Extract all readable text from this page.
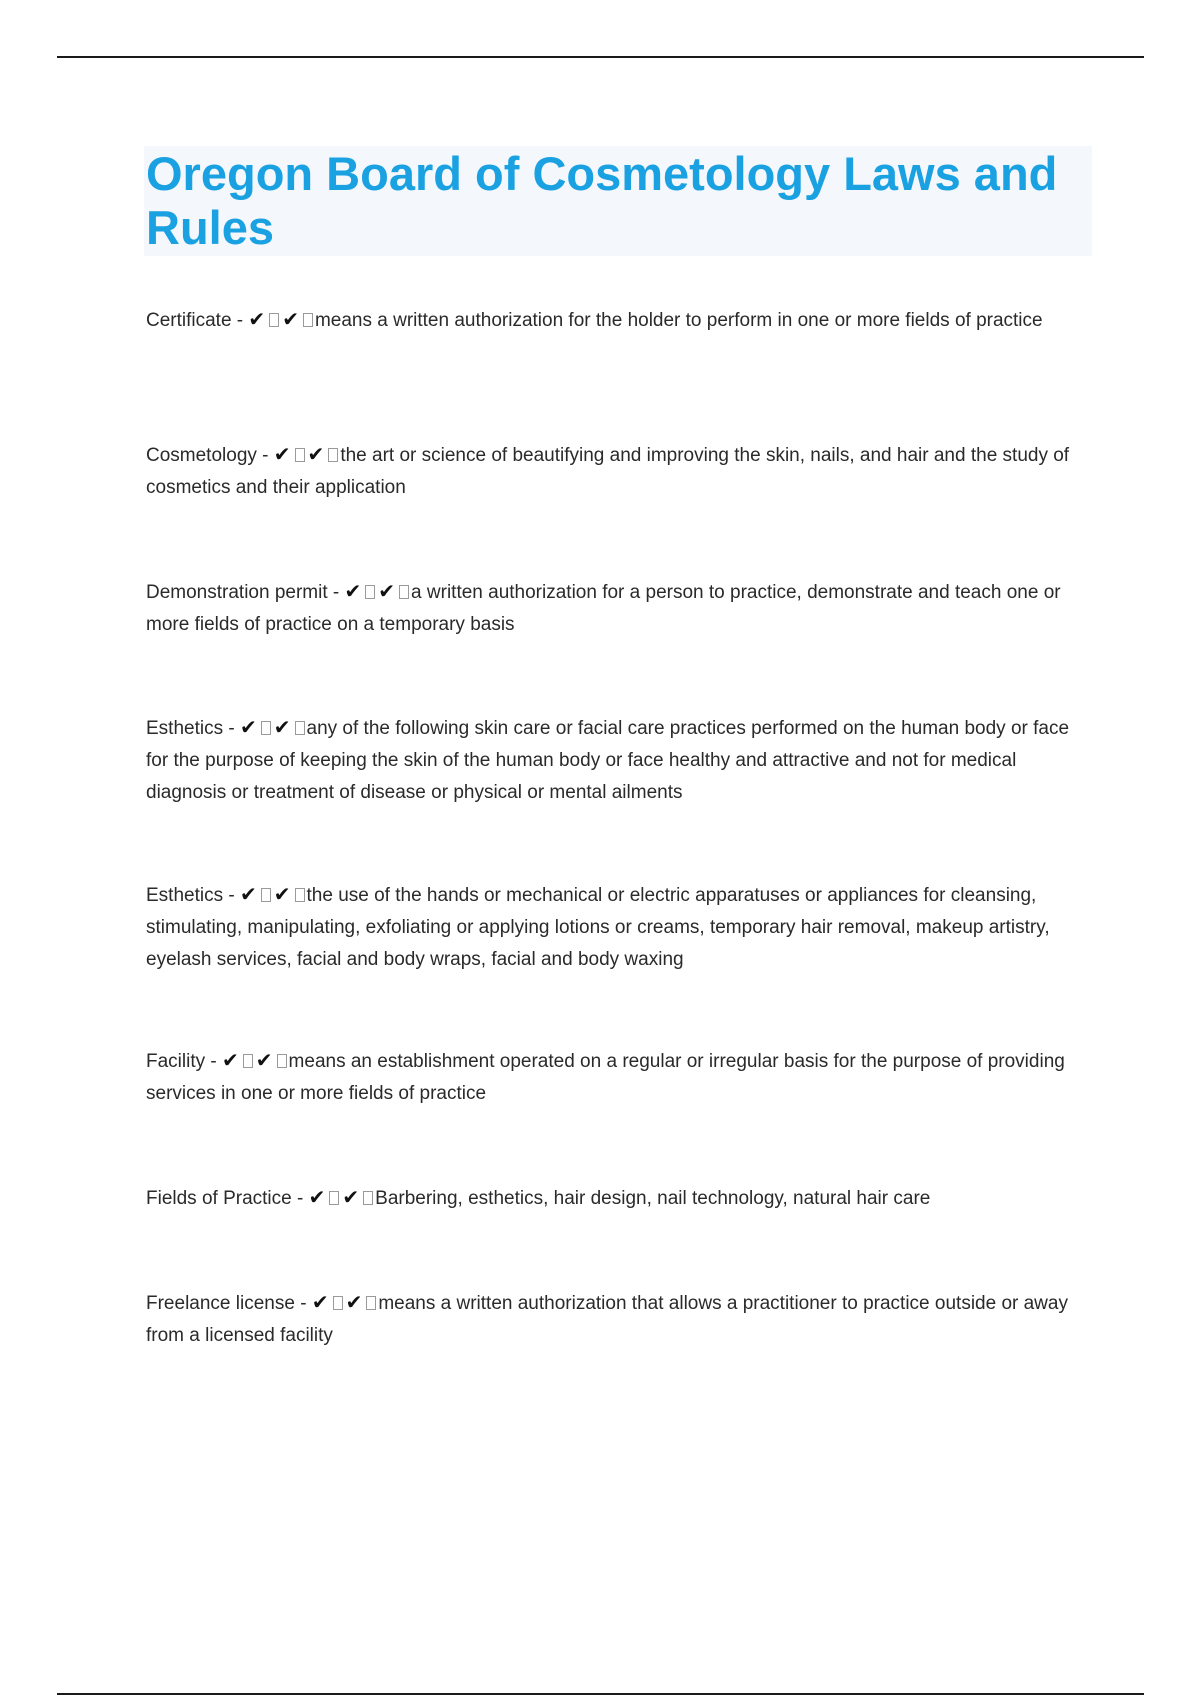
Oregon Board of Cosmetology Laws and Rules

Certificate - ✔ ✔ means a written authorization for the holder to perform in one or more fields of practice

Cosmetology - ✔ ✔ the art or science of beautifying and improving the skin, nails, and hair and the study of cosmetics and their application

Demonstration permit - ✔ ✔ a written authorization for a person to practice, demonstrate and teach one or more fields of practice on a temporary basis

Esthetics - ✔ ✔ any of the following skin care or facial care practices performed on the human body or face for the purpose of keeping the skin of the human body or face healthy and attractive and not for medical diagnosis or treatment of disease or physical or mental ailments

Esthetics - ✔ ✔ the use of the hands or mechanical or electric apparatuses or appliances for cleansing, stimulating, manipulating, exfoliating or applying lotions or creams, temporary hair removal, makeup artistry, eyelash services, facial and body wraps, facial and body waxing

Facility - ✔ ✔ means an establishment operated on a regular or irregular basis for the purpose of providing services in one or more fields of practice

Fields of Practice - ✔ ✔ Barbering, esthetics, hair design, nail technology, natural hair care

Freelance license - ✔ ✔ means a written authorization that allows a practitioner to practice outside or away from a licensed facility
